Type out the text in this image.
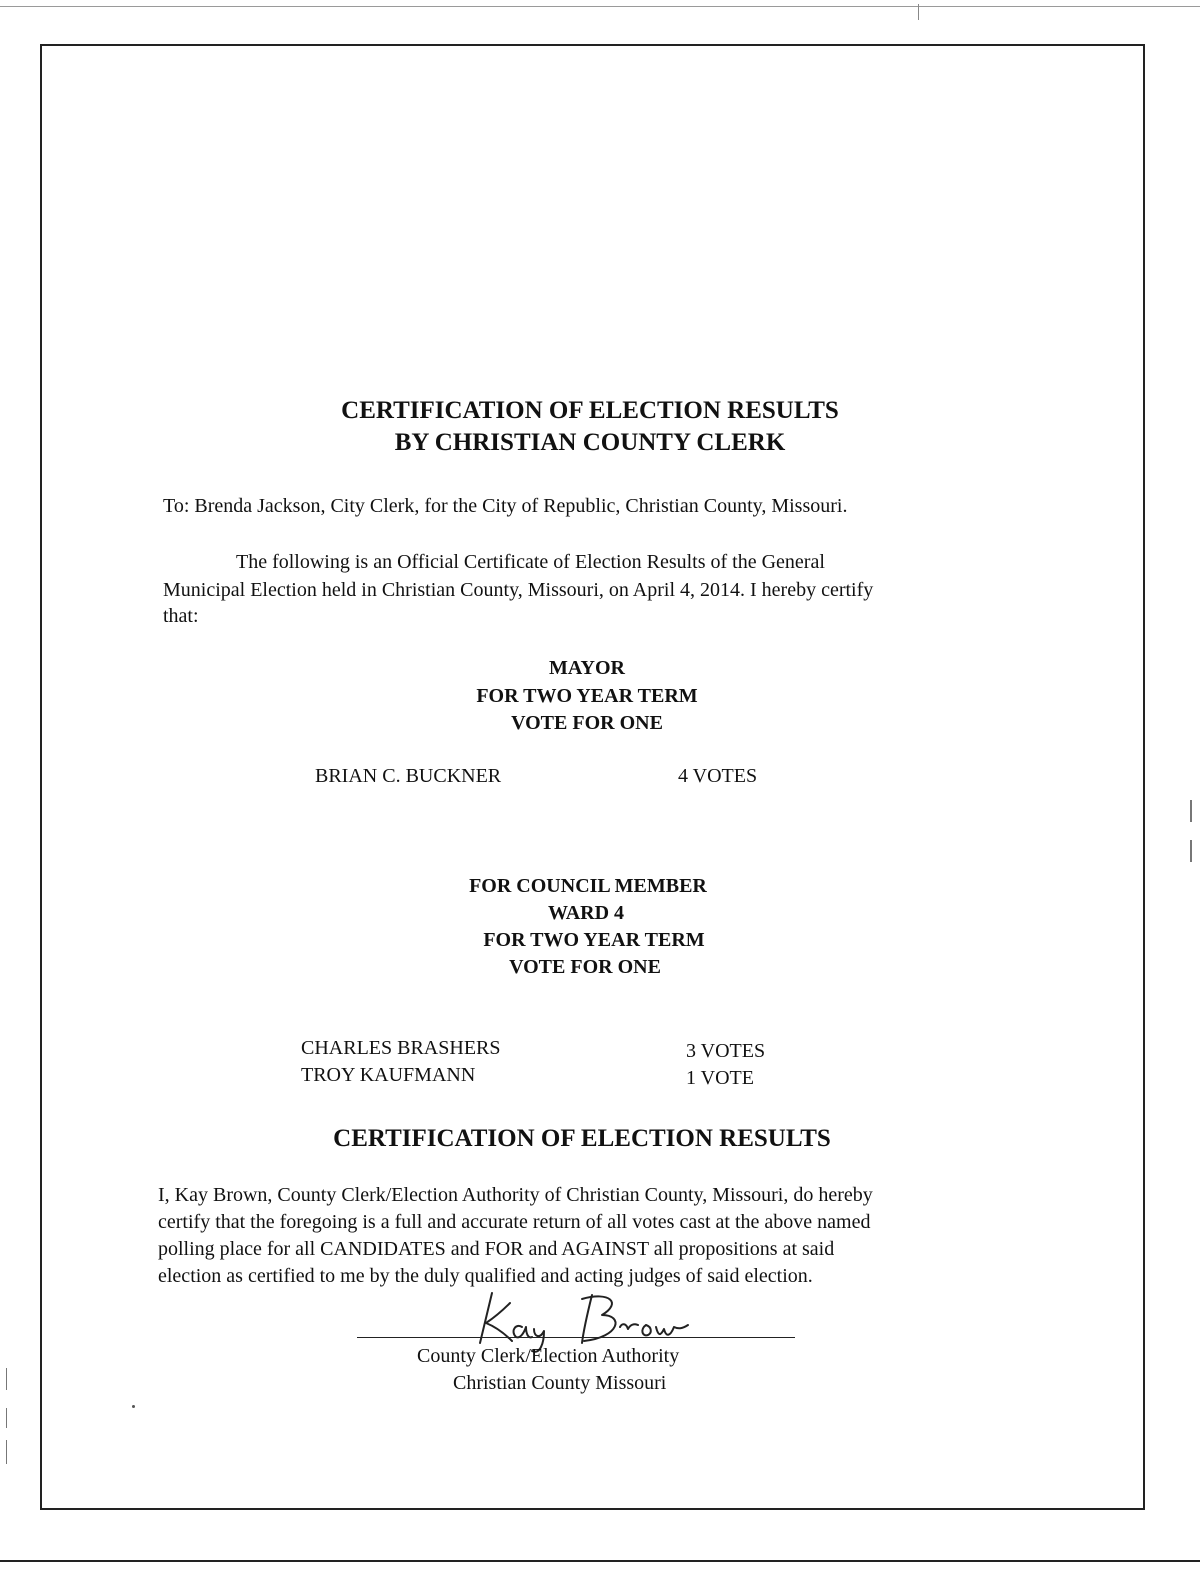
CERTIFICATION OF ELECTION RESULTS
BY CHRISTIAN COUNTY CLERK
To: Brenda Jackson, City Clerk, for the City of Republic, Christian County, Missouri.
The following is an Official Certificate of Election Results of the General
Municipal Election held in Christian County, Missouri, on April 4, 2014. I hereby certify
that:
MAYOR
FOR TWO YEAR TERM
VOTE FOR ONE
BRIAN C. BUCKNER	4 VOTES
FOR COUNCIL MEMBER
WARD 4
FOR TWO YEAR TERM
VOTE FOR ONE
CHARLES BRASHERS	3 VOTES
TROY KAUFMANN	1 VOTE
CERTIFICATION OF ELECTION RESULTS
I, Kay Brown, County Clerk/Election Authority of Christian County, Missouri, do hereby
certify that the foregoing is a full and accurate return of all votes cast at the above named
polling place for all CANDIDATES and FOR and AGAINST all propositions at said
election as certified to me by the duly qualified and acting judges of said election.
County Clerk/Election Authority
Christian County Missouri
